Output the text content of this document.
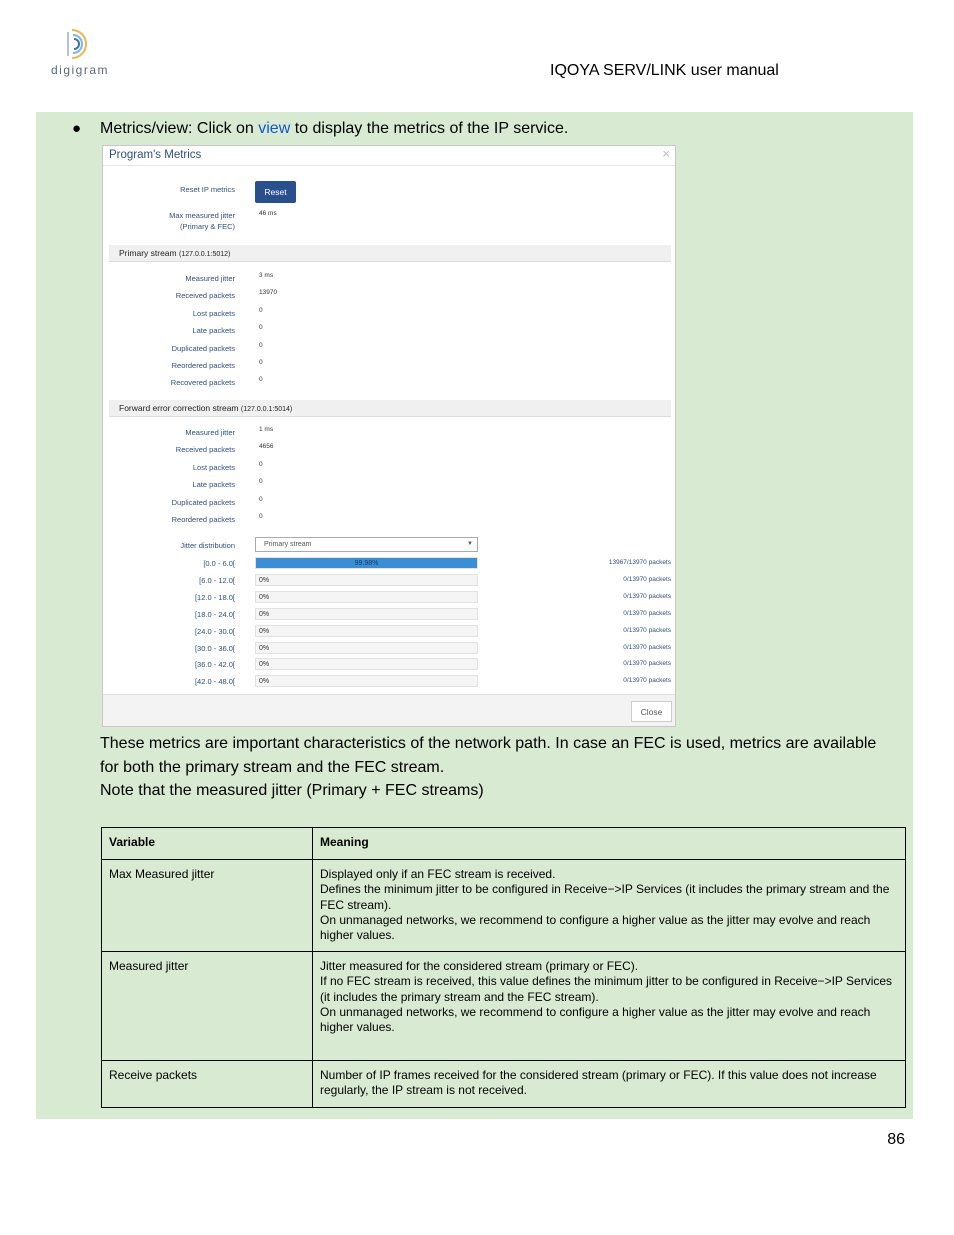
digigram	IQOYA SERV/LINK user manual
● Metrics/view: Click on view to display the metrics of the IP service.
Program's Metrics	×
Reset IP metrics	Reset
Max measured jitter
(Primary & FEC)
46 ms
Primary stream (127.0.0.1:5012)
Measured jitter	3 ms
Received packets	13970
Lost packets	0
Late packets	0
Duplicated packets	0
Reordered packets	0
Recovered packets	0
Forward error correction stream (127.0.0.1:5014)
Measured jitter	1 ms
Received packets	4656
Lost packets	0
Late packets	0
Duplicated packets	0
Reordered packets	0
Jitter distribution	Primary stream	▼
[0.0 - 6.0[	99.98%	13967/13970 packets
[6.0 - 12.0[	0%	0/13970 packets
[12.0 - 18.0[	0%	0/13970 packets
[18.0 - 24.0[	0%	0/13970 packets
[24.0 - 30.0[	0%	0/13970 packets
[30.0 - 36.0[	0%	0/13970 packets
[36.0 - 42.0[	0%	0/13970 packets
[42.0 - 48.0[	0%	0/13970 packets
Close
These metrics are important characteristics of the network path. In case an FEC is used, metrics are available for both the primary stream and the FEC stream.
Note that the measured jitter (Primary + FEC streams)
Variable	Meaning
Max Measured jitter	Displayed only if an FEC stream is received.
Defines the minimum jitter to be configured in Receive−>IP Services (it includes the primary stream and the FEC stream).
On unmanaged networks, we recommend to configure a higher value as the jitter may evolve and reach higher values.
Measured jitter	Jitter measured for the considered stream (primary or FEC).
If no FEC stream is received, this value defines the minimum jitter to be configured in Receive−>IP Services (it includes the primary stream and the FEC stream).
On unmanaged networks, we recommend to configure a higher value as the jitter may evolve and reach higher values.
Receive packets	Number of IP frames received for the considered stream (primary or FEC). If this value does not increase regularly, the IP stream is not received.
86
